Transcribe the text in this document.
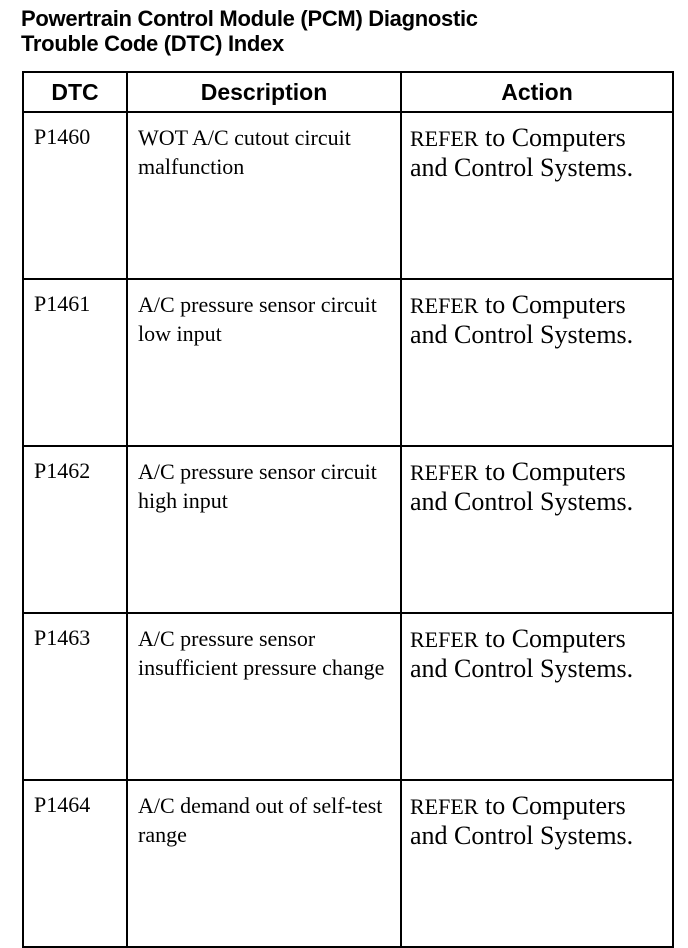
Powertrain Control Module (PCM) Diagnostic
Trouble Code (DTC) Index
DTC	Description	Action
P1460	WOT A/C cutout circuit malfunction	REFER to Computers and Control Systems.
P1461	A/C pressure sensor circuit low input	REFER to Computers and Control Systems.
P1462	A/C pressure sensor circuit high input	REFER to Computers and Control Systems.
P1463	A/C pressure sensor insufficient pressure change	REFER to Computers and Control Systems.
P1464	A/C demand out of self-test range	REFER to Computers and Control Systems.
